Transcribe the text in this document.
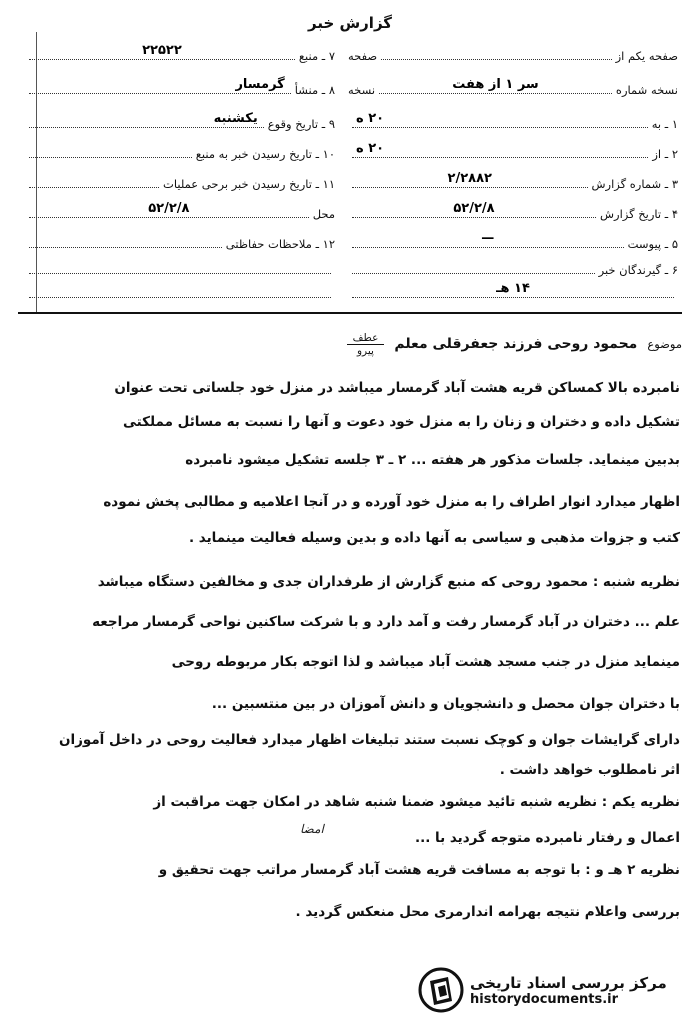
گزارش خبر
صفحه یکم از
صفحه
نسخه شماره
سر ۱ از هفت
نسخه
۱ ـ به
۲۰ ه
۲ ـ از
۲۰ ه
۳ ـ شماره گزارش
۲/۲۸۸۲
۴ ـ تاریخ گزارش
۵۲/۲/۸
۵ ـ پیوست
—
۶ ـ گیرندگان خبر
۱۴ هـ
۷ ـ منبع
۲۲۵۲۲
۸ ـ منشأ
گرمسار
۹ ـ تاریخ وقوع
یکشنبه
۱۰ ـ تاریخ رسیدن خبر به منبع
۱۱ ـ تاریخ رسیدن خبر برحی عملیات
محل
۵۲/۲/۸
۱۲ ـ ملاحظات حفاظتی
موضوع
محمود روحی فرزند جعفرقلی معلم
عطف
پیرو
نامبرده بالا کمساکن قریه هشت آباد گرمسار میباشد در منزل خود جلساتی تحت عنوان
تشکیل داده و دختران و زنان را به منزل خود دعوت و آنها را نسبت به مسائل مملکتی
بدبین مینماید. جلسات مذکور هر هفته ... ۲ ـ ۳ جلسه تشکیل میشود نامبرده
اظهار میدارد انوار اطراف را به منزل خود آورده و در آنجا اعلامیه و مطالبی پخش نموده
کتب و جزوات مذهبی و سیاسی به آنها داده و بدین وسیله فعالیت مینماید .
نظریه شنبه : محمود روحی که منبع گزارش از طرفداران جدی و مخالفین دستگاه میباشد
علم ... دختران در آباد گرمسار رفت و آمد دارد و با شرکت ساکنین نواحی گرمسار مراجعه
مینماید منزل در جنب مسجد هشت آباد میباشد و لذا اتوجه بکار مربوطه روحی
با دختران جوان محصل و دانشجویان و دانش آموزان در بین منتسبین ...
دارای گرایشات جوان و کوچک نسبت ستند تبلیغات اظهار میدارد فعالیت روحی در داخل آموزان
اثر نامطلوب خواهد داشت .
نظریه یکم : نظریه شنبه تائید میشود ضمنا شنبه شاهد در امکان جهت مراقبت از
اعمال و رفتار نامبرده متوجه گردید با ...
نظریه ۲ هـ و : با توجه به مسافت قریه هشت آباد گرمسار مراتب جهت تحقیق و
بررسی واعلام نتیجه بهرامه اندارمری محل منعکس گردید .
امضا
مرکز بررسی اسناد تاریخی
historydocuments.ir
